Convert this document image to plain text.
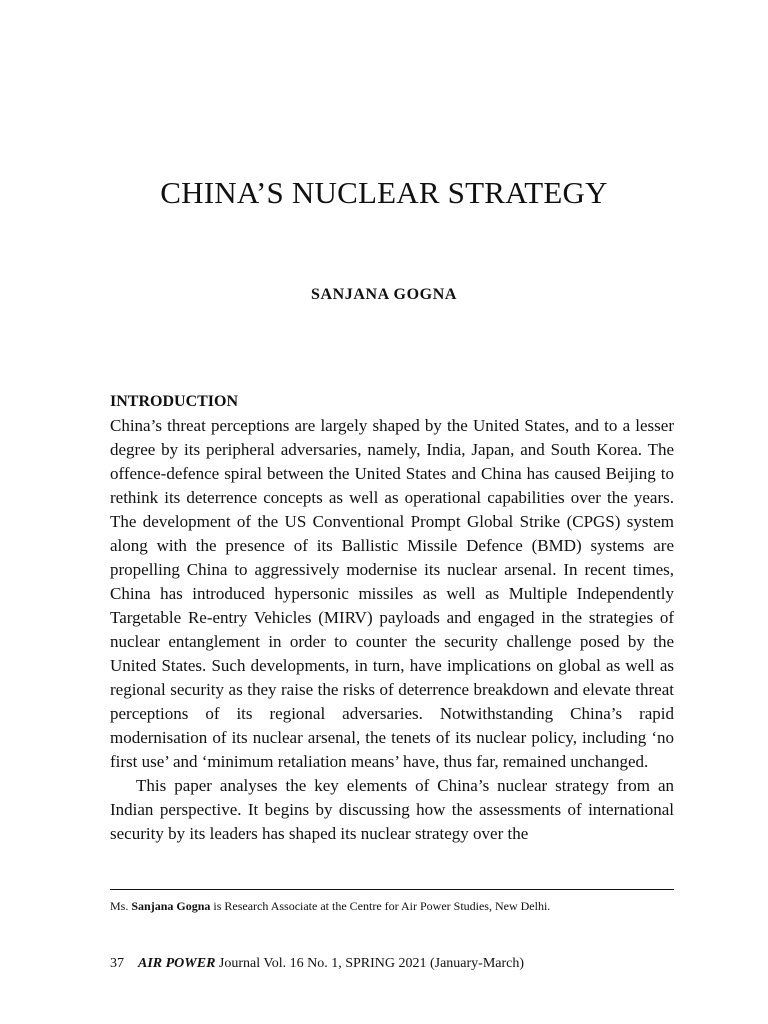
CHINA’S NUCLEAR STRATEGY
SANJANA GOGNA
INTRODUCTION

China’s threat perceptions are largely shaped by the United States, and to a lesser degree by its peripheral adversaries, namely, India, Japan, and South Korea. The offence-defence spiral between the United States and China has caused Beijing to rethink its deterrence concepts as well as operational capabilities over the years. The development of the US Conventional Prompt Global Strike (CPGS) system along with the presence of its Ballistic Missile Defence (BMD) systems are propelling China to aggressively modernise its nuclear arsenal. In recent times, China has introduced hypersonic missiles as well as Multiple Independently Targetable Re-entry Vehicles (MIRV) payloads and engaged in the strategies of nuclear entanglement in order to counter the security challenge posed by the United States. Such developments, in turn, have implications on global as well as regional security as they raise the risks of deterrence breakdown and elevate threat perceptions of its regional adversaries. Notwithstanding China’s rapid modernisation of its nuclear arsenal, the tenets of its nuclear policy, including ‘no first use’ and ‘minimum retaliation means’ have, thus far, remained unchanged.

This paper analyses the key elements of China’s nuclear strategy from an Indian perspective. It begins by discussing how the assessments of international security by its leaders has shaped its nuclear strategy over the

Ms. Sanjana Gogna is Research Associate at the Centre for Air Power Studies, New Delhi.
37 AIR POWER Journal Vol. 16 No. 1, SPRING 2021 (January-March)
